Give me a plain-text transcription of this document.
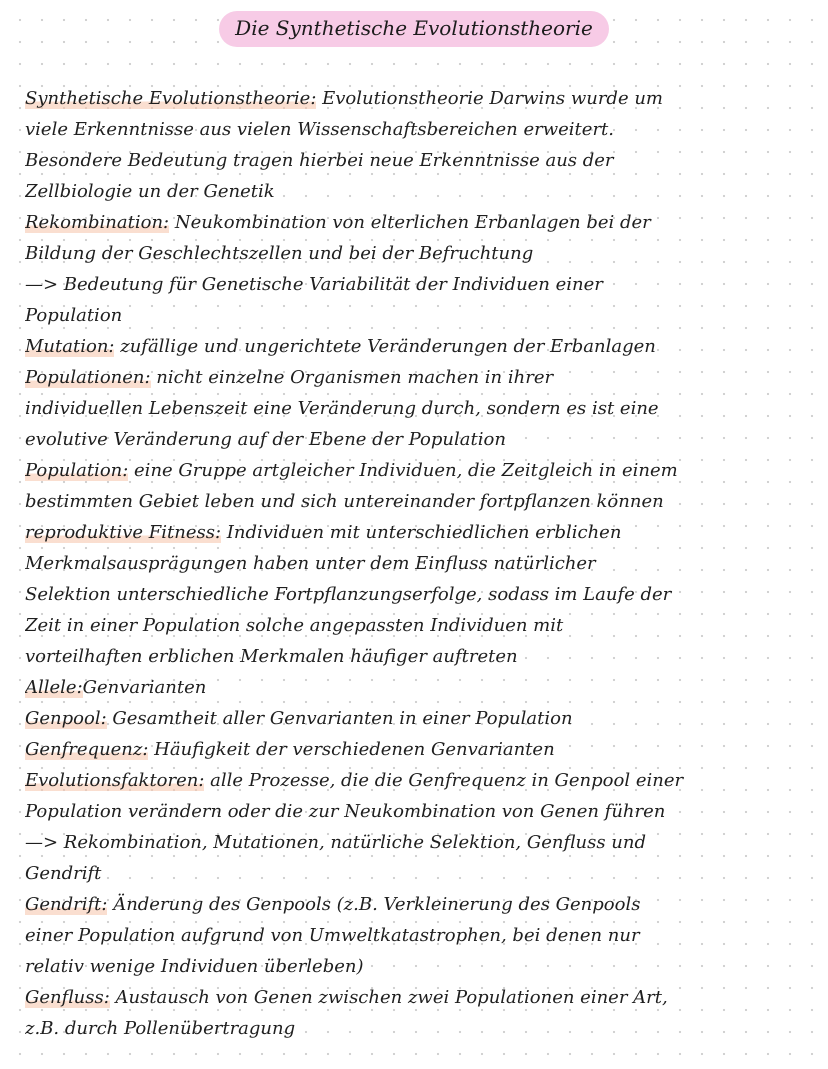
Die Synthetische Evolutionstheorie
Synthetische Evolutionstheorie: Evolutionstheorie Darwins wurde um
viele Erkenntnisse aus vielen Wissenschaftsbereichen erweitert.
Besondere Bedeutung tragen hierbei neue Erkenntnisse aus der
Zellbiologie un der Genetik
Rekombination: Neukombination von elterlichen Erbanlagen bei der
Bildung der Geschlechtszellen und bei der Befruchtung
—> Bedeutung für Genetische Variabilität der Individuen einer
Population
Mutation: zufällige und ungerichtete Veränderungen der Erbanlagen
Populationen: nicht einzelne Organismen machen in ihrer
individuellen Lebenszeit eine Veränderung durch, sondern es ist eine
evolutive Veränderung auf der Ebene der Population
Population: eine Gruppe artgleicher Individuen, die Zeitgleich in einem
bestimmten Gebiet leben und sich untereinander fortpflanzen können
reproduktive Fitness: Individuen mit unterschiedlichen erblichen
Merkmalsausprägungen haben unter dem Einfluss natürlicher
Selektion unterschiedliche Fortpflanzungserfolge, sodass im Laufe der
Zeit in einer Population solche angepassten Individuen mit
vorteilhaften erblichen Merkmalen häufiger auftreten
Allele:Genvarianten
Genpool: Gesamtheit aller Genvarianten in einer Population
Genfrequenz: Häufigkeit der verschiedenen Genvarianten
Evolutionsfaktoren: alle Prozesse, die die Genfrequenz in Genpool einer
Population verändern oder die zur Neukombination von Genen führen
—> Rekombination, Mutationen, natürliche Selektion, Genfluss und
Gendrift
Gendrift: Änderung des Genpools (z.B. Verkleinerung des Genpools
einer Population aufgrund von Umweltkatastrophen, bei denen nur
relativ wenige Individuen überleben)
Genfluss: Austausch von Genen zwischen zwei Populationen einer Art,
z.B. durch Pollenübertragung
